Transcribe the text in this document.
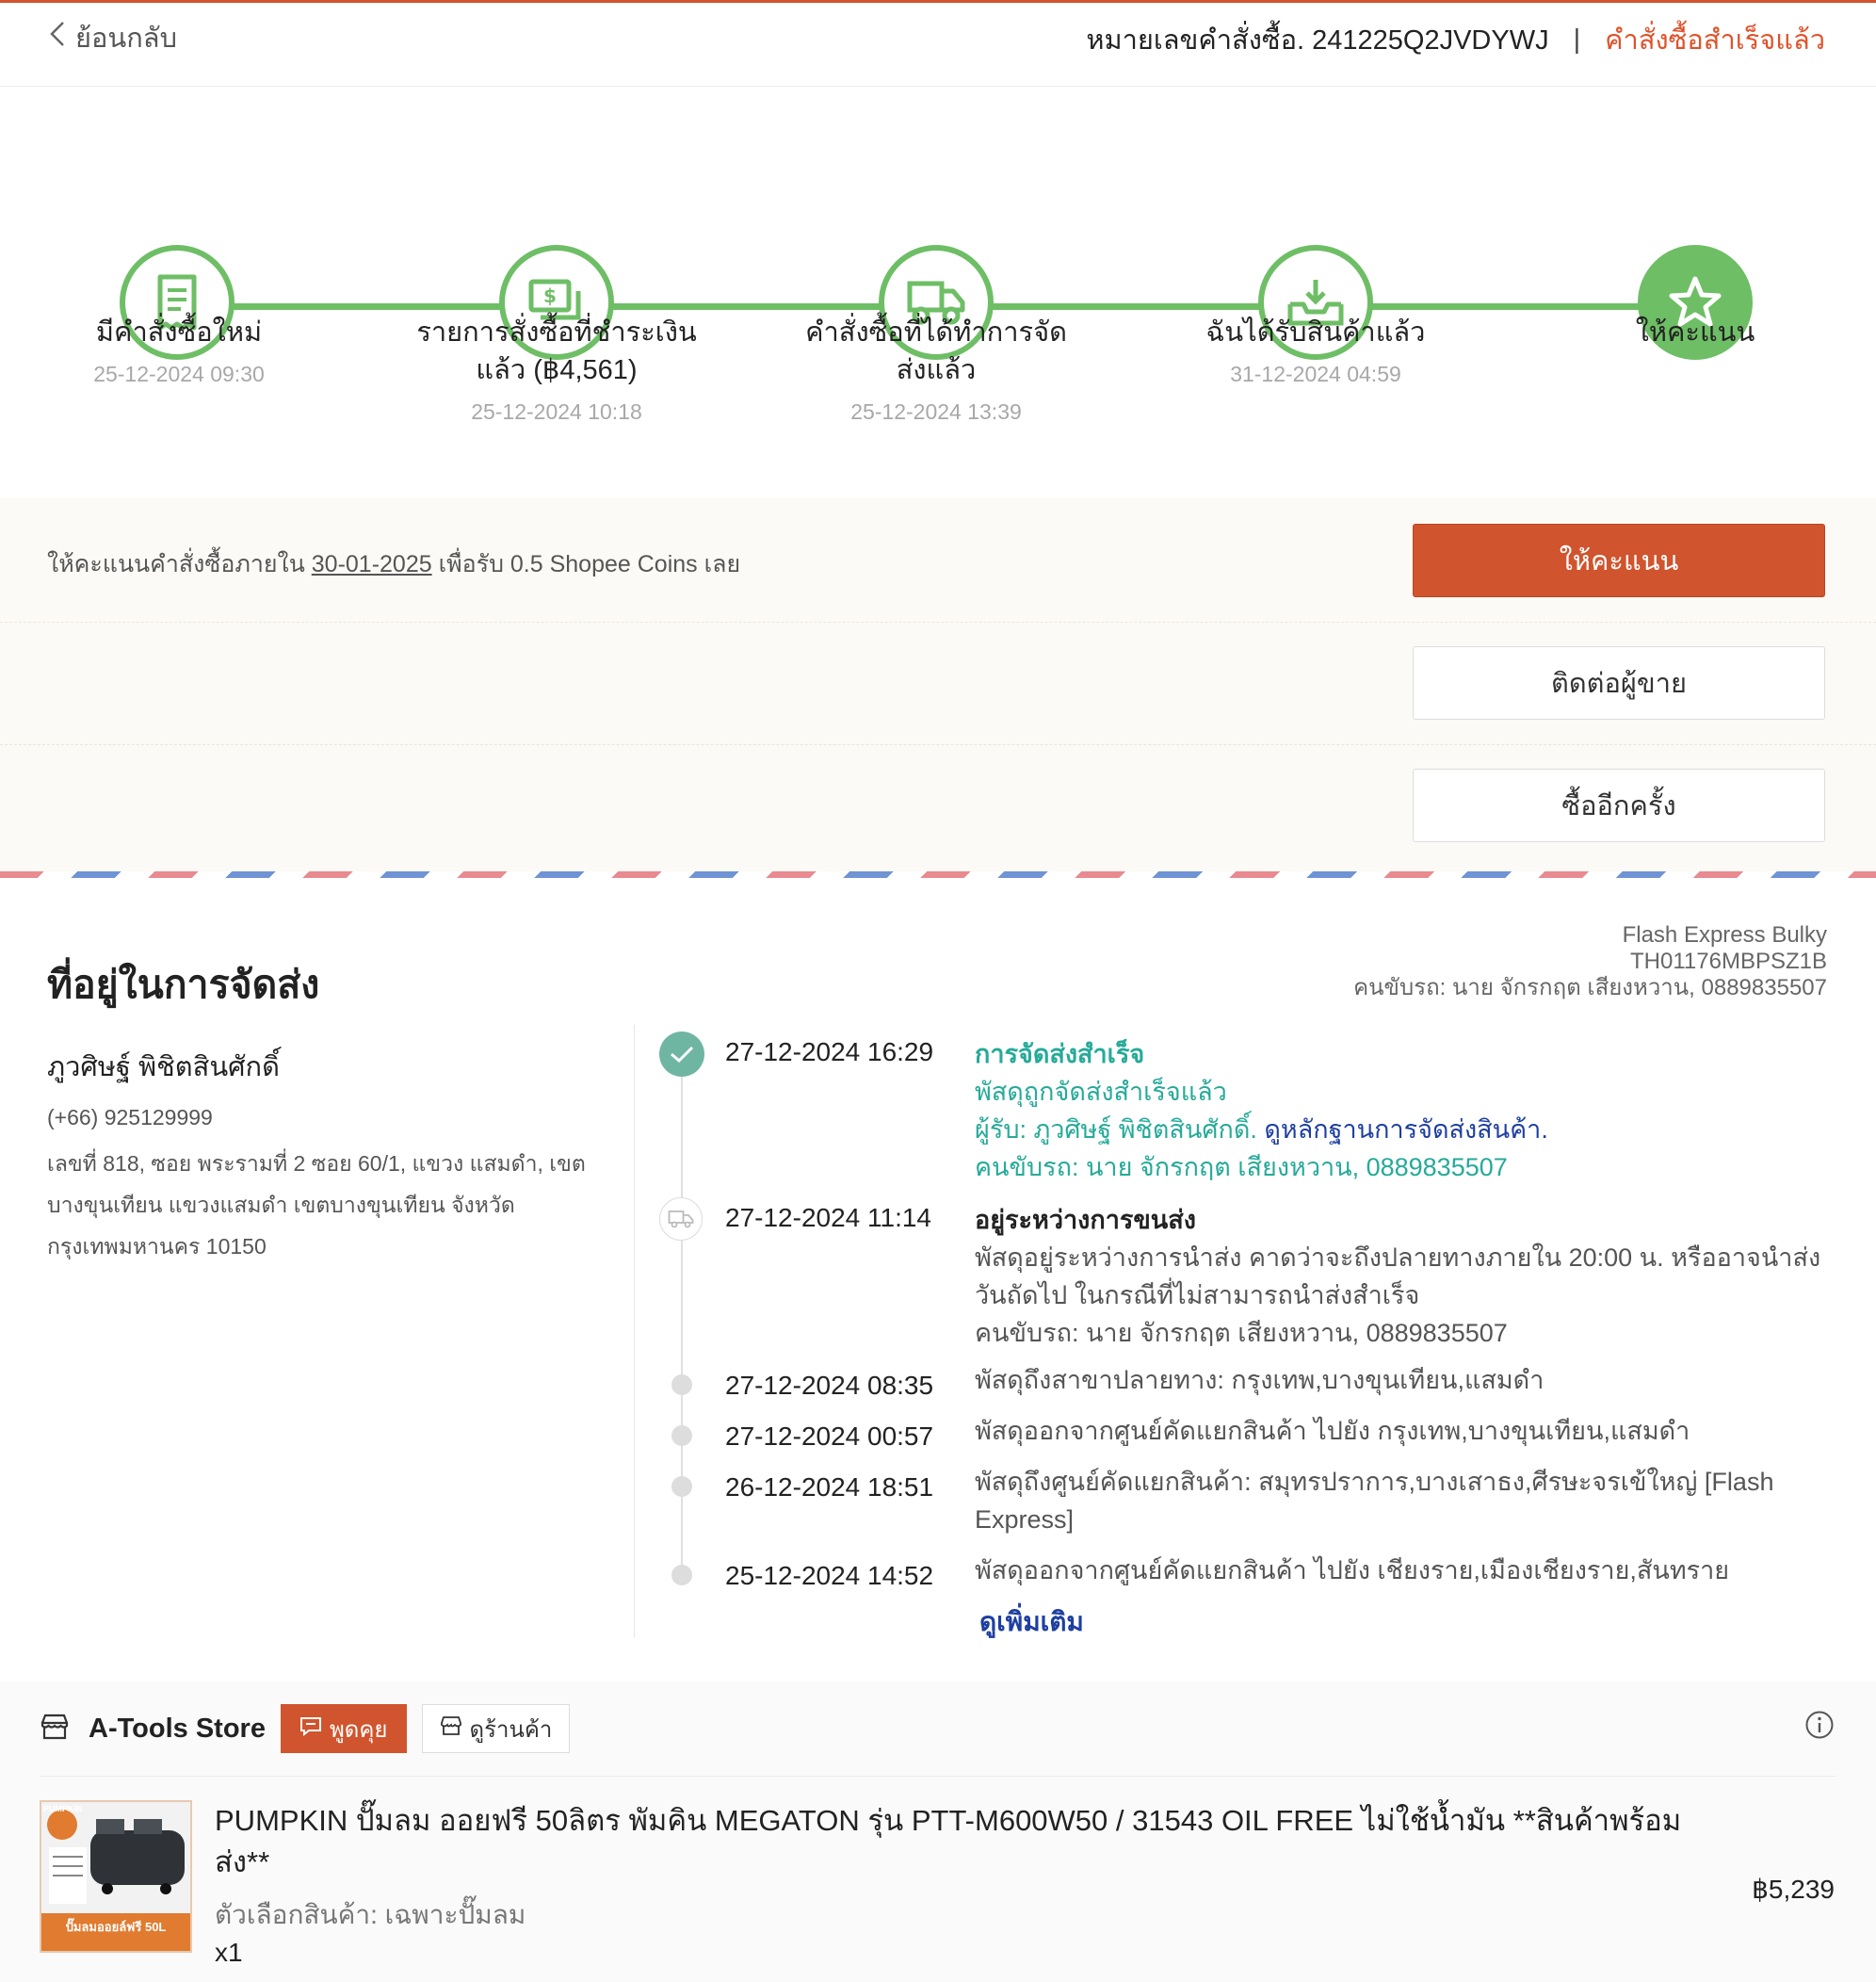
ย้อนกลับ	หมายเลขคำสั่งซื้อ. 241225Q2JVDYWJ | คำสั่งซื้อสำเร็จแล้ว
$
มีคำสั่งซื้อใหม่
25-12-2024 09:30
รายการสั่งซื้อที่ชำระเงิน
แล้ว (฿4,561)
25-12-2024 10:18
คำสั่งซื้อที่ได้ทำการจัด
ส่งแล้ว
25-12-2024 13:39
ฉันได้รับสินค้าแล้ว
31-12-2024 04:59
ให้คะแนน
ให้คะแนนคำสั่งซื้อภายใน 30-01-2025 เพื่อรับ 0.5 Shopee Coins เลย	ให้คะแนน
ติดต่อผู้ขาย
ซื้ออีกครั้ง
ที่อยู่ในการจัดส่ง
Flash Express Bulky
TH01176MBPSZ1B
คนขับรถ: นาย จักรกฤต เสียงหวาน, 0889835507
ภูวศิษฐ์ พิชิตสินศักดิ์
(+66) 925129999
เลขที่ 818, ซอย พระรามที่ 2 ซอย 60/1, แขวง แสมดำ, เขต
บางขุนเทียน แขวงแสมดำ เขตบางขุนเทียน จังหวัด
กรุงเทพมหานคร 10150
27-12-2024 16:29 การจัดส่งสำเร็จ
พัสดุถูกจัดส่งสำเร็จแล้ว
ผู้รับ: ภูวศิษฐ์ พิชิตสินศักดิ์. ดูหลักฐานการจัดส่งสินค้า.
คนขับรถ: นาย จักรกฤต เสียงหวาน, 0889835507
27-12-2024 11:14 อยู่ระหว่างการขนส่ง
พัสดุอยู่ระหว่างการนำส่ง คาดว่าจะถึงปลายทางภายใน 20:00 น. หรืออาจนำส่ง
วันถัดไป ในกรณีที่ไม่สามารถนำส่งสำเร็จ
คนขับรถ: นาย จักรกฤต เสียงหวาน, 0889835507
27-12-2024 08:35 พัสดุถึงสาขาปลายทาง: กรุงเทพ,บางขุนเทียน,แสมดำ
27-12-2024 00:57 พัสดุออกจากศูนย์คัดแยกสินค้า ไปยัง กรุงเทพ,บางขุนเทียน,แสมดำ
26-12-2024 18:51 พัสดุถึงศูนย์คัดแยกสินค้า: สมุทรปราการ,บางเสาธง,ศีรษะจรเข้ใหญ่ [Flash
Express]
25-12-2024 14:52 พัสดุออกจากศูนย์คัดแยกสินค้า ไปยัง เชียงราย,เมืองเชียงราย,สันทราย
ดูเพิ่มเติม
A-Tools Store	พูดคุย	ดูร้านค้า
PUMPKIN
ปั๊มลมออยล์ฟรี 50L
PUMPKIN ปั๊มลม ออยฟรี 50ลิตร พัมคิน MEGATON รุ่น PTT-M600W50 / 31543 OIL FREE ไม่ใช้น้ำมัน **สินค้าพร้อม
ส่ง**
ตัวเลือกสินค้า: เฉพาะปั๊มลม
x1
฿5,239
